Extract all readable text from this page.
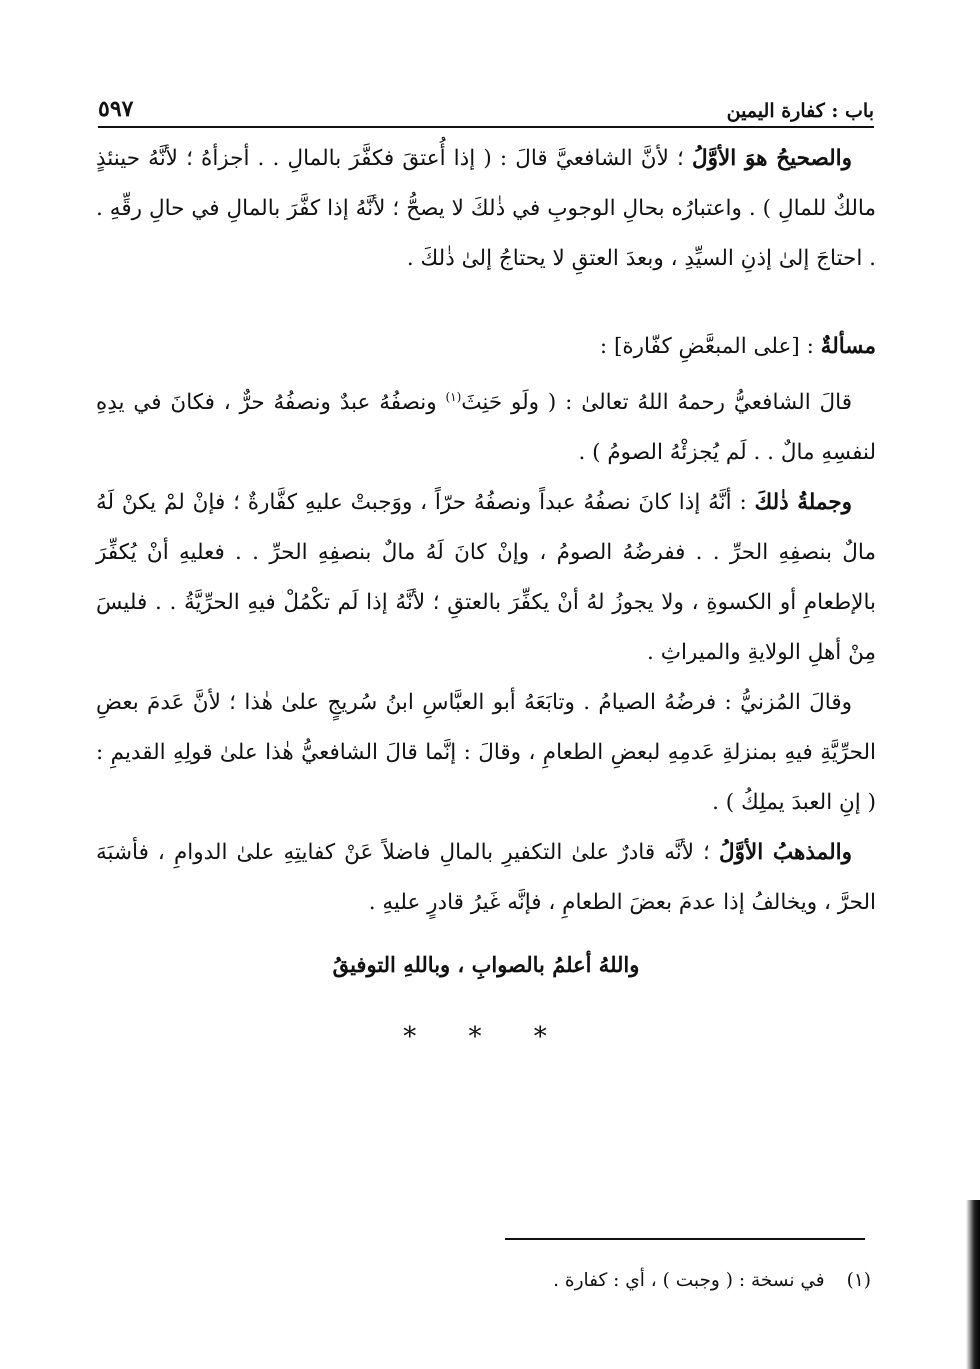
باب : كفارة اليمين
٥٩٧

والصحيحُ هوَ الأوَّلُ ؛ لأنَّ الشافعيَّ قالَ : ( إذا أُعتقَ فكفَّرَ بالمالِ . . أجزأهُ ؛ لأنَّهُ حينئذٍ مالكٌ للمالِ ) . واعتبارُه بحالِ الوجوبِ في ذٰلكَ لا يصحُّ ؛ لأنَّهُ إذا كفَّرَ بالمالِ في حالِ رقِّهِ . . احتاجَ إلىٰ إذنِ السيِّدِ ، وبعدَ العتقِ لا يحتاجُ إلىٰ ذٰلكَ .

مسألةٌ : [على المبعَّضِ كفّارة] :

قالَ الشافعيُّ رحمهُ اللهُ تعالىٰ : ( ولَو حَنِثَ$^{(١)}$ ونصفُهُ عبدٌ ونصفُهُ حرٌّ ، فكانَ في يدِهِ لنفسِهِ مالٌ . . لَم يُجزئْهُ الصومُ ) .

وجملةُ ذٰلكَ : أنَّهُ إذا كانَ نصفُهُ عبداً ونصفُهُ حرّاً ، ووَجبتْ عليهِ كفَّارةٌ ؛ فإنْ لمْ يكنْ لَهُ مالٌ بنصفِهِ الحرِّ . . ففرضُهُ الصومُ ، وإنْ كانَ لَهُ مالٌ بنصفِهِ الحرِّ . . فعليهِ أنْ يُكفِّرَ بالإطعامِ أو الكسوةِ ، ولا يجوزُ لهُ أنْ يكفِّرَ بالعتقِ ؛ لأنَّهُ إذا لَم تكْمُلْ فيهِ الحرِّيَّةُ . . فليسَ مِنْ أهلِ الولايةِ والميراثِ .

وقالَ المُزنيُّ : فرضُهُ الصيامُ . وتابَعَهُ أبو العبَّاسِ ابنُ سُريجٍ علىٰ هٰذا ؛ لأنَّ عَدمَ بعضِ الحرِّيَّةِ فيهِ بمنزلةِ عَدمِهِ لبعضِ الطعامِ ، وقالَ : إنَّما قالَ الشافعيُّ هٰذا علىٰ قولِهِ القديمِ : ( إنِ العبدَ يملِكُ ) .

والمذهبُ الأوَّلُ ؛ لأنَّه قادرٌ علىٰ التكفيرِ بالمالِ فاضلاً عَنْ كفايتِهِ علىٰ الدوامِ ، فأشبَهَ الحرَّ ، ويخالفُ إذا عدمَ بعضَ الطعامِ ، فإنَّه غَيرُ قادرٍ عليهِ .

واللهُ أعلمُ بالصوابِ ، وباللهِ التوفيقُ
* * *
(١)في نسخة : ( وجبت ) ، أي : كفارة .
